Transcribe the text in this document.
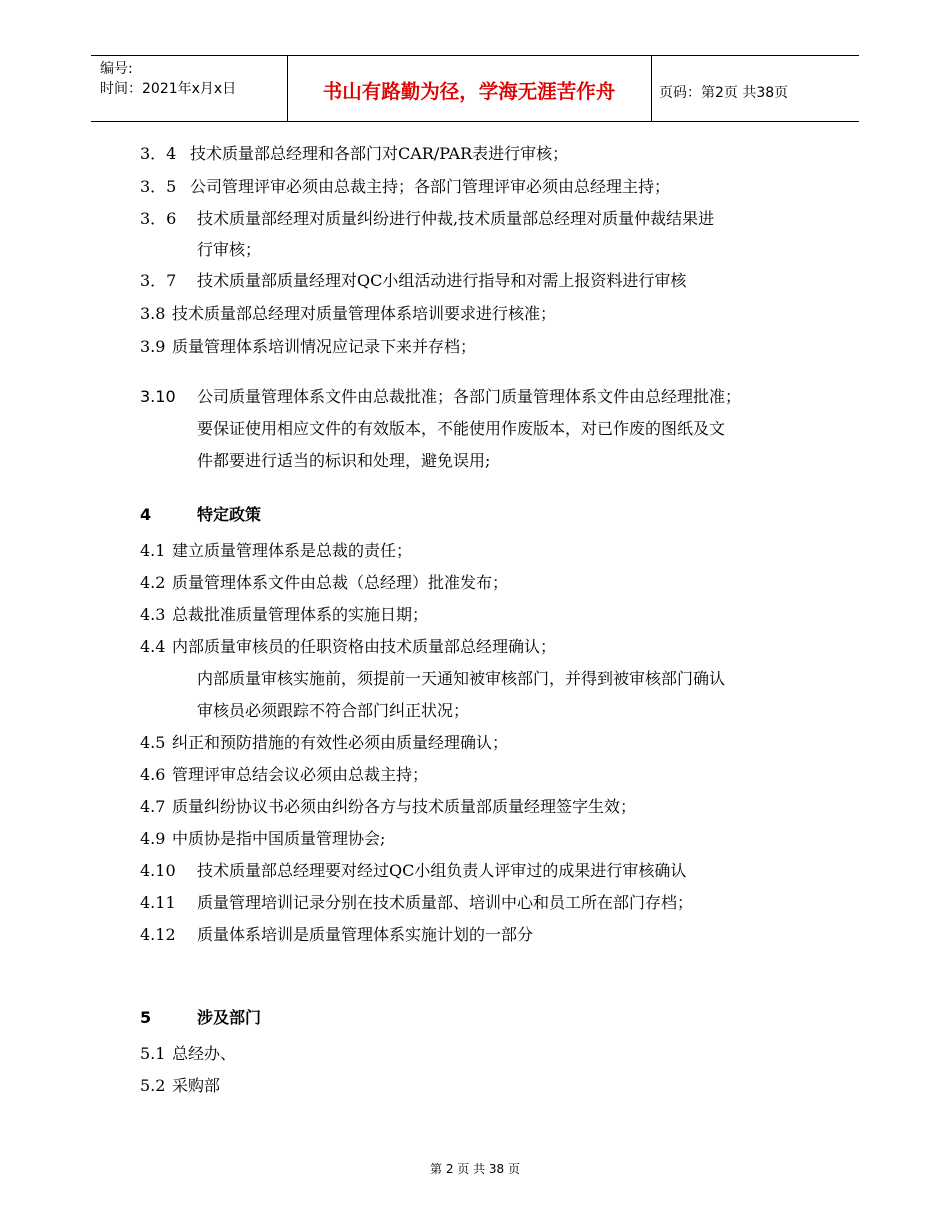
编号:
时间：2021年x月x日	书山有路勤为径，学海无涯苦作舟	页码：第2页 共38页
3．4 技术质量部总经理和各部门对CAR/PAR表进行审核；
3．5 公司管理评审必须由总裁主持；各部门管理评审必须由总经理主持；
3．6 技术质量部经理对质量纠纷进行仲裁,技术质量部总经理对质量仲裁结果进
行审核；
3．7 技术质量部质量经理对QC小组活动进行指导和对需上报资料进行审核
3.8 技术质量部总经理对质量管理体系培训要求进行核准；
3.9 质量管理体系培训情况应记录下来并存档；
3.10 公司质量管理体系文件由总裁批准；各部门质量管理体系文件由总经理批准；
要保证使用相应文件的有效版本，不能使用作废版本，对已作废的图纸及文
件都要进行适当的标识和处理，避免误用;
4	特定政策
4.1 建立质量管理体系是总裁的责任；
4.2 质量管理体系文件由总裁（总经理）批准发布；
4.3 总裁批准质量管理体系的实施日期；
4.4 内部质量审核员的任职资格由技术质量部总经理确认；
内部质量审核实施前，须提前一天通知被审核部门，并得到被审核部门确认
审核员必须跟踪不符合部门纠正状况；
4.5 纠正和预防措施的有效性必须由质量经理确认；
4.6 管理评审总结会议必须由总裁主持；
4.7 质量纠纷协议书必须由纠纷各方与技术质量部质量经理签字生效；
4.9 中质协是指中国质量管理协会;
4.10 技术质量部总经理要对经过QC小组负责人评审过的成果进行审核确认
4.11 质量管理培训记录分别在技术质量部、培训中心和员工所在部门存档；
4.12 质量体系培训是质量管理体系实施计划的一部分
5	涉及部门
5.1 总经办、
5.2 采购部
第 2 页 共 38 页
